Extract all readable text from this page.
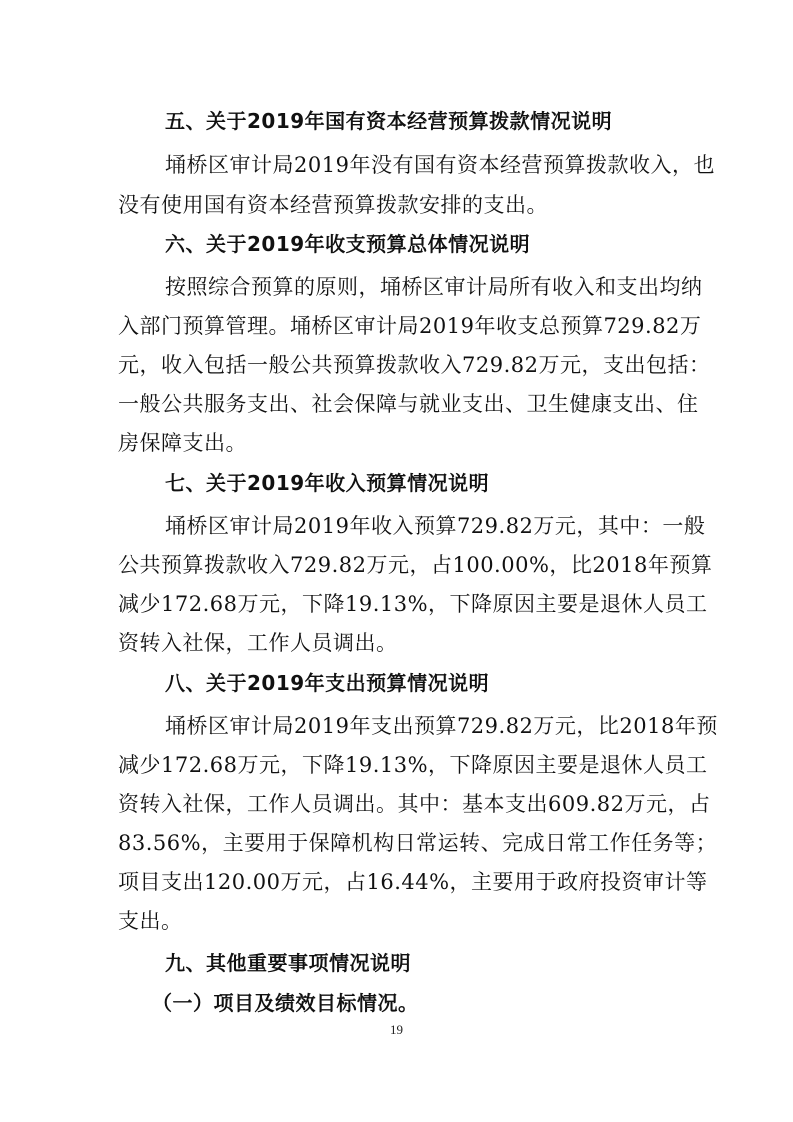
五、关于2019年国有资本经营预算拨款情况说明
埇桥区审计局2019年没有国有资本经营预算拨款收入，也
没有使用国有资本经营预算拨款安排的支出。
六、关于2019年收支预算总体情况说明
按照综合预算的原则，埇桥区审计局所有收入和支出均纳
入部门预算管理。埇桥区审计局2019年收支总预算729.82万
元，收入包括一般公共预算拨款收入729.82万元，支出包括：
一般公共服务支出、社会保障与就业支出、卫生健康支出、住
房保障支出。
七、关于2019年收入预算情况说明
埇桥区审计局2019年收入预算729.82万元，其中：一般
公共预算拨款收入729.82万元，占100.00%，比2018年预算
减少172.68万元，下降19.13%，下降原因主要是退休人员工
资转入社保，工作人员调出。
八、关于2019年支出预算情况说明
埇桥区审计局2019年支出预算729.82万元，比2018年预
减少172.68万元，下降19.13%，下降原因主要是退休人员工
资转入社保，工作人员调出。其中：基本支出609.82万元，占
83.56%，主要用于保障机构日常运转、完成日常工作任务等；
项目支出120.00万元，占16.44%，主要用于政府投资审计等
支出。
九、其他重要事项情况说明
（一）项目及绩效目标情况。
19
